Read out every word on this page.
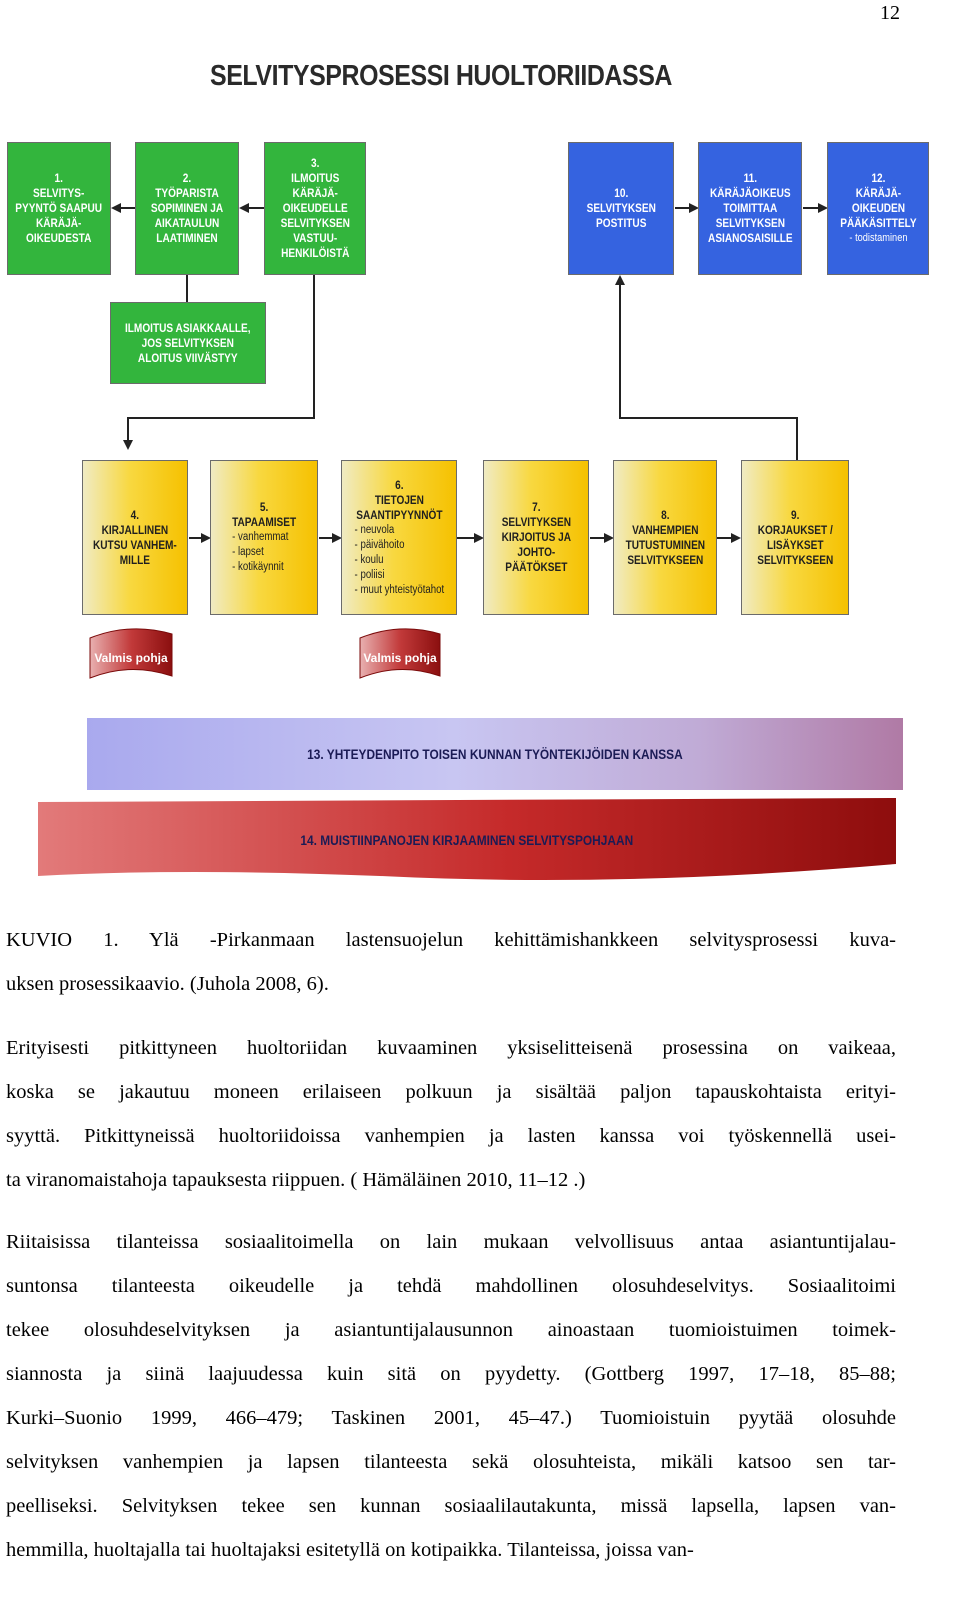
12
SELVITYSPROSESSI HUOLTORIIDASSA
Valmis pohja	Valmis pohja
1.
SELVITYS-
PYYNTÖ SAAPUU
KÄRÄJÄ-
OIKEUDESTA
2.
TYÖPARISTA
SOPIMINEN JA
AIKATAULUN
LAATIMINEN
3.
ILMOITUS
KÄRÄJÄ-
OIKEUDELLE
SELVITYKSEN
VASTUU-
HENKILÖISTÄ
10.
SELVITYKSEN
POSTITUS
11.
KÄRÄJÄOIKEUS
TOIMITTAA
SELVITYKSEN
ASIANOSAISILLE
12.
KÄRÄJÄ-
OIKEUDEN
PÄÄKÄSITTELY
- todistaminen
ILMOITUS ASIAKKAALLE,
JOS SELVITYKSEN
ALOITUS VIIVÄSTYY
4.
KIRJALLINEN
KUTSU VANHEM-
MILLE
5.
TAPAAMISET
- vanhemmat
- lapset
- kotikäynnit
6.
TIETOJEN
SAANTIPYYNNÖT
- neuvola
- päivähoito
- koulu
- poliisi
- muut yhteistyötahot
7.
SELVITYKSEN
KIRJOITUS JA
JOHTO-
PÄÄTÖKSET
8.
VANHEMPIEN
TUTUSTUMINEN
SELVITYKSEEN
9.
KORJAUKSET /
LISÄYKSET
SELVITYKSEEN
13. YHTEYDENPITO TOISEN KUNNAN TYÖNTEKIJÖIDEN KANSSA
14. MUISTIINPANOJEN KIRJAAMINEN SELVITYSPOHJAAN
KUVIO 1. Ylä -Pirkanmaan lastensuojelun kehittämishankkeen selvitysprosessi kuva-
uksen prosessikaavio. (Juhola 2008, 6).

Erityisesti pitkittyneen huoltoriidan kuvaaminen yksiselitteisenä prosessina on vaikeaa,

koska se jakautuu moneen erilaiseen polkuun ja sisältää paljon tapauskohtaista erityi-

syyttä. Pitkittyneissä huoltoriidoissa vanhempien ja lasten kanssa voi työskennellä usei-

ta viranomaistahoja tapauksesta riippuen. ( Hämäläinen 2010, 11–12 .)

Riitaisissa tilanteissa sosiaalitoimella on lain mukaan velvollisuus antaa asiantuntijalau-

suntonsa tilanteesta oikeudelle ja tehdä mahdollinen olosuhdeselvitys. Sosiaalitoimi

tekee olosuhdeselvityksen ja asiantuntijalausunnon ainoastaan tuomioistuimen toimek-

siannosta ja siinä laajuudessa kuin sitä on pyydetty. (Gottberg 1997, 17–18, 85–88;

Kurki–Suonio 1999, 466–479; Taskinen 2001, 45–47.) Tuomioistuin pyytää olosuhde

selvityksen vanhempien ja lapsen tilanteesta sekä olosuhteista, mikäli katsoo sen tar-

peelliseksi. Selvityksen tekee sen kunnan sosiaalilautakunta, missä lapsella, lapsen van-

hemmilla, huoltajalla tai huoltajaksi esitetyllä on kotipaikka. Tilanteissa, joissa van-
